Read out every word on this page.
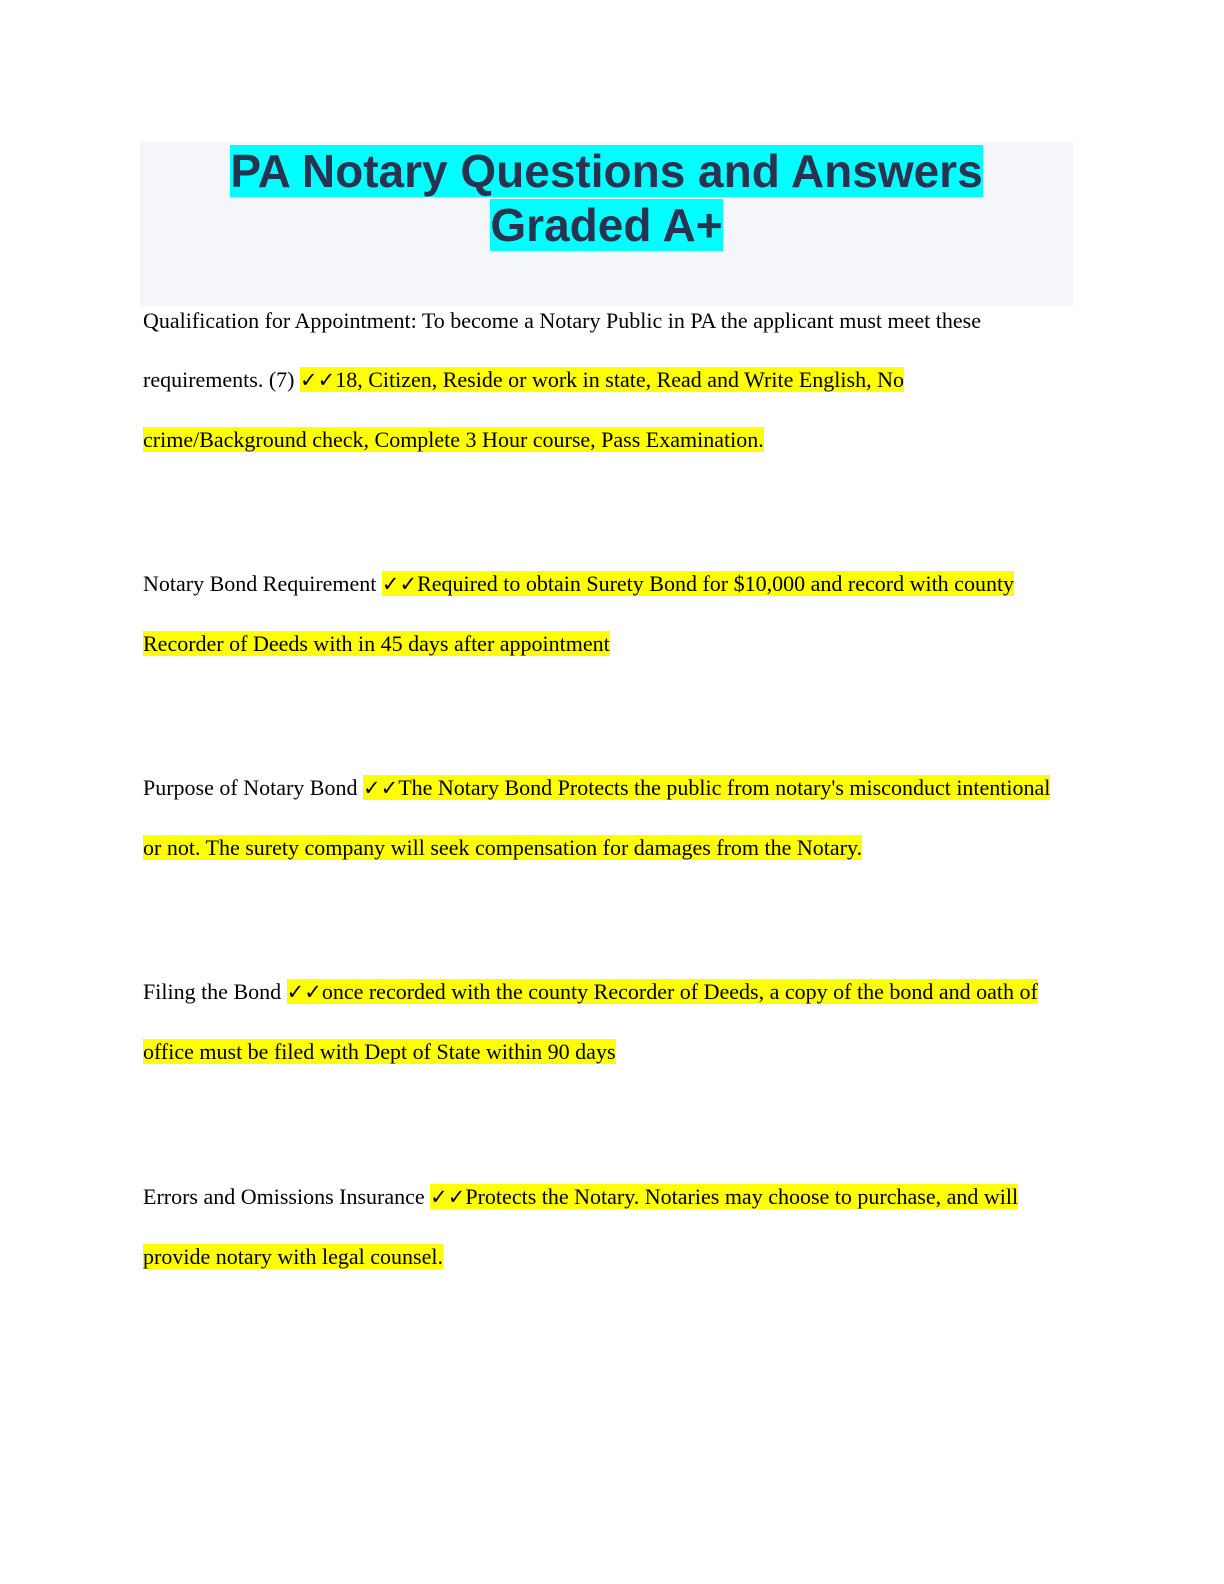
PA Notary Questions and Answers
Graded A+
Qualification for Appointment: To become a Notary Public in PA the applicant must meet these requirements. (7) ✓✓18, Citizen, Reside or work in state, Read and Write English, No crime/Background check, Complete 3 Hour course, Pass Examination.
Notary Bond Requirement ✓✓Required to obtain Surety Bond for $10,000 and record with county Recorder of Deeds with in 45 days after appointment
Purpose of Notary Bond ✓✓The Notary Bond Protects the public from notary's misconduct intentional or not. The surety company will seek compensation for damages from the Notary.
Filing the Bond ✓✓once recorded with the county Recorder of Deeds, a copy of the bond and oath of office must be filed with Dept of State within 90 days
Errors and Omissions Insurance ✓✓Protects the Notary. Notaries may choose to purchase, and will provide notary with legal counsel.
